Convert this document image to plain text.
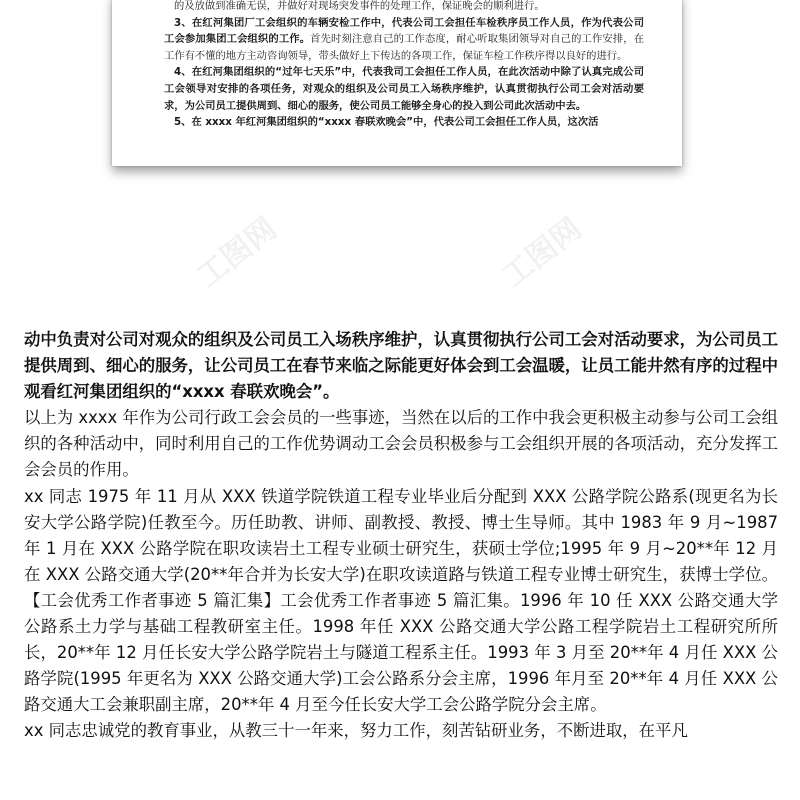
的及放做到准确无误，并做好对现场突发事件的处理工作，保证晚会的顺利进行。

3、在红河集团厂工会组织的车辆安检工作中，代表公司工会担任车检秩序员工作人员，作为代表公司工会参加集团工会组织的工作。首先时刻注意自己的工作态度，耐心听取集团领导对自己的工作安排，在工作有不懂的地方主动咨询领导，带头做好上下传达的各项工作，保证车检工作秩序得以良好的进行。

4、在红河集团组织的“过年七天乐”中，代表我司工会担任工作人员，在此次活动中除了认真完成公司工会领导对安排的各项任务，对观众的组织及公司员工入场秩序维护，认真贯彻执行公司工会对活动要求，为公司员工提供周到、细心的服务，使公司员工能够全身心的投入到公司此次活动中去。

5、在 xxxx 年红河集团组织的“xxxx 春联欢晚会”中，代表公司工会担任工作人员，这次活

工图网	工图网

动中负责对公司对观众的组织及公司员工入场秩序维护，认真贯彻执行公司工会对活动要求，为公司员工提供周到、细心的服务，让公司员工在春节来临之际能更好体会到工会温暖，让员工能井然有序的过程中观看红河集团组织的“xxxx 春联欢晚会”。

以上为 xxxx 年作为公司行政工会会员的一些事迹，当然在以后的工作中我会更积极主动参与公司工会组织的各种活动中，同时利用自己的工作优势调动工会会员积极参与工会组织开展的各项活动，充分发挥工会会员的作用。

xx 同志 1975 年 11 月从 XXX 铁道学院铁道工程专业毕业后分配到 XXX 公路学院公路系(现更名为长安大学公路学院)任教至今。历任助教、讲师、副教授、教授、博士生导师。其中 1983 年 9 月~1987 年 1 月在 XXX 公路学院在职攻读岩土工程专业硕士研究生，获硕士学位;1995 年 9 月~20**年 12 月在 XXX 公路交通大学(20**年合并为长安大学)在职攻读道路与铁道工程专业博士研究生，获博士学位。【工会优秀工作者事迹 5 篇汇集】工会优秀工作者事迹 5 篇汇集。1996 年 10 任 XXX 公路交通大学公路系土力学与基础工程教研室主任。1998 年任 XXX 公路交通大学公路工程学院岩土工程研究所所长，20**年 12 月任长安大学公路学院岩土与隧道工程系主任。1993 年 3 月至 20**年 4 月任 XXX 公路学院(1995 年更名为 XXX 公路交通大学)工会公路系分会主席，1996 年月至 20**年 4 月任 XXX 公路交通大工会兼职副主席，20**年 4 月至今任长安大学工会公路学院分会主席。

xx 同志忠诚党的教育事业，从教三十一年来，努力工作，刻苦钻研业务，不断进取，在平凡
